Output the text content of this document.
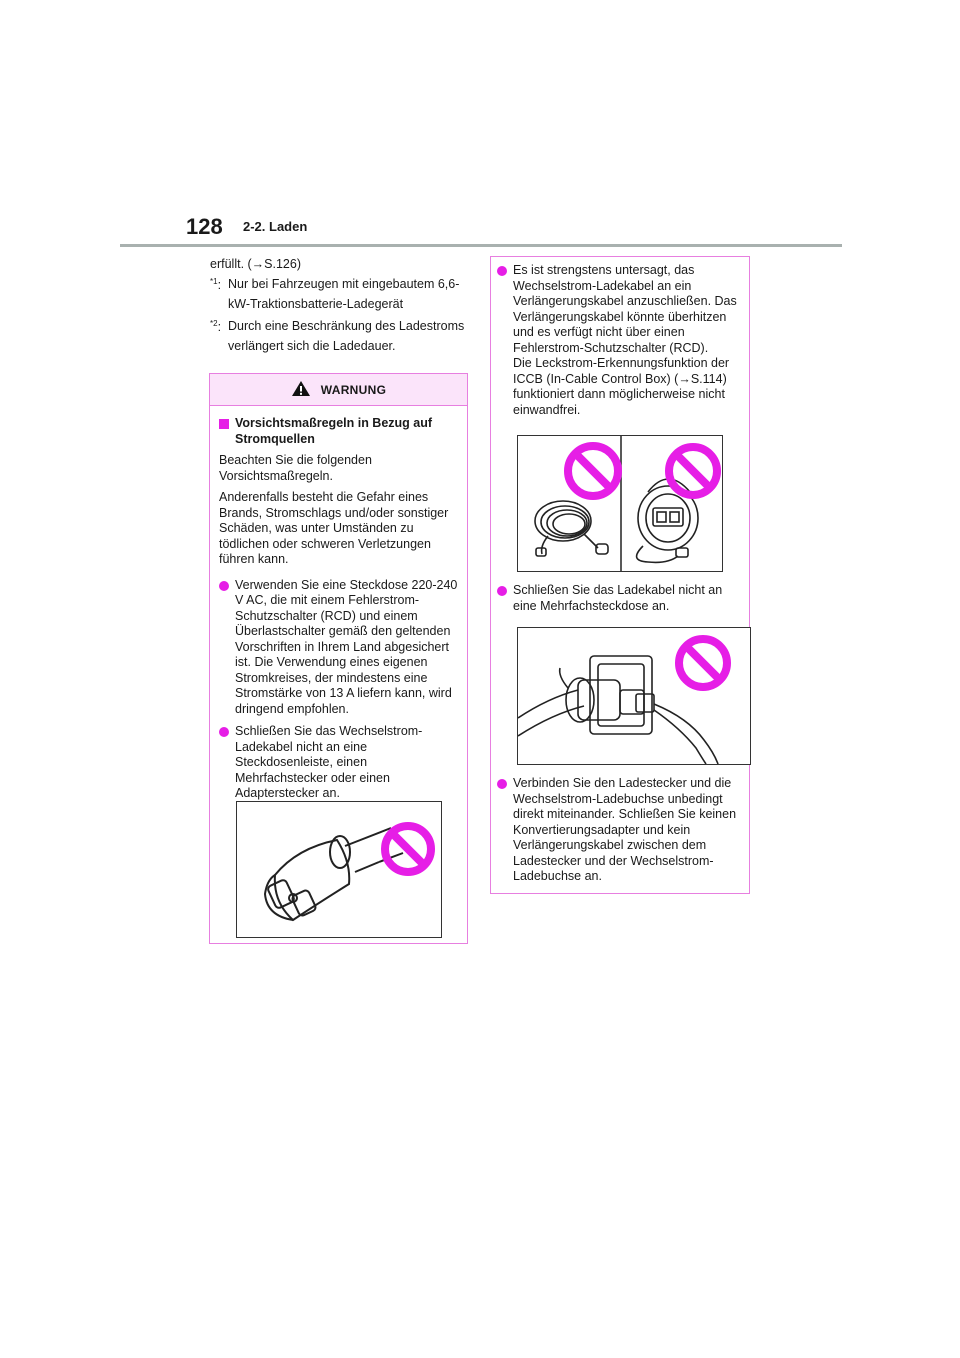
128 2-2. Laden

erfüllt. (→S.126)

$^{*1}$: Nur bei Fahrzeugen mit eingebautem 6,6-kW-Traktionsbatterie-Ladegerät
$^{*2}$: Durch eine Beschränkung des Ladestroms verlängert sich die Ladedauer.
WARNUNG
Vorsichtsmaßregeln in Bezug auf Stromquellen

Beachten Sie die folgenden Vorsichtsmaßregeln.

Anderenfalls besteht die Gefahr eines Brands, Stromschlags und/oder sonstiger Schäden, was unter Umständen zu tödlichen oder schweren Verletzungen führen kann.

Verwenden Sie eine Steckdose 220-240 V AC, die mit einem Fehlerstrom-Schutzschalter (RCD) und einem Überlastschalter gemäß den geltenden Vorschriften in Ihrem Land abgesichert ist. Die Verwendung eines eigenen Stromkreises, der mindestens eine Stromstärke von 13 A liefern kann, wird dringend empfohlen.
Schließen Sie das Wechselstrom-Ladekabel nicht an eine Steckdosenleiste, einen Mehrfachstecker oder einen Adapterstecker an.
Es ist strengstens untersagt, das Wechselstrom-Ladekabel an ein Verlängerungskabel anzuschließen. Das Verlängerungskabel könnte überhitzen und es verfügt nicht über einen Fehlerstrom-Schutzschalter (RCD).
Die Leckstrom-Erkennungsfunktion der ICCB (In-Cable Control Box) (→S.114) funktioniert dann möglicherweise nicht einwandfrei.
Schließen Sie das Ladekabel nicht an eine Mehrfachsteckdose an.
Verbinden Sie den Ladestecker und die Wechselstrom-Ladebuchse unbedingt direkt miteinander. Schließen Sie keinen Konvertierungsadapter und kein Verlängerungskabel zwischen dem Ladestecker und der Wechselstrom-Ladebuchse an.
